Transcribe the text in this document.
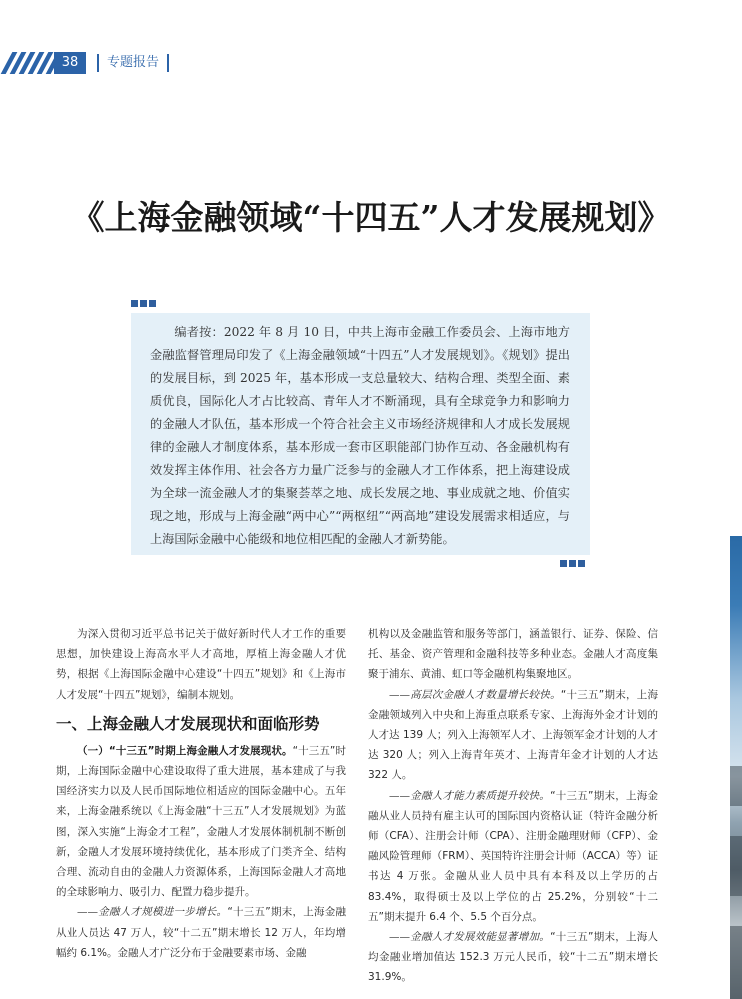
38	专题报告
《上海金融领域“十四五”人才发展规划》

编者按：2022 年 8 月 10 日，中共上海市金融工作委员会、上海市地方金融监督管理局印发了《上海金融领域“十四五”人才发展规划》。《规划》提出的发展目标，到 2025 年，基本形成一支总量较大、结构合理、类型全面、素质优良，国际化人才占比较高、青年人才不断涌现，具有全球竞争力和影响力的金融人才队伍，基本形成一个符合社会主义市场经济规律和人才成长发展规律的金融人才制度体系，基本形成一套市区职能部门协作互动、各金融机构有效发挥主体作用、社会各方力量广泛参与的金融人才工作体系，把上海建设成为全球一流金融人才的集聚荟萃之地、成长发展之地、事业成就之地、价值实现之地，形成与上海金融“两中心”“两枢纽”“两高地”建设发展需求相适应，与上海国际金融中心能级和地位相匹配的金融人才新势能。

为深入贯彻习近平总书记关于做好新时代人才工作的重要思想，加快建设上海高水平人才高地，厚植上海金融人才优势，根据《上海国际金融中心建设“十四五”规划》和《上海市人才发展“十四五”规划》，编制本规划。

一、上海金融人才发展现状和面临形势

（一）“十三五”时期上海金融人才发展现状。“十三五”时期，上海国际金融中心建设取得了重大进展，基本建成了与我国经济实力以及人民币国际地位相适应的国际金融中心。五年来，上海金融系统以《上海金融“十三五”人才发展规划》为蓝图，深入实施“上海金才工程”，金融人才发展体制机制不断创新，金融人才发展环境持续优化，基本形成了门类齐全、结构合理、流动自由的金融人力资源体系，上海国际金融人才高地的全球影响力、吸引力、配置力稳步提升。

——金融人才规模进一步增长。“十三五”期末，上海金融从业人员达 47 万人，较“十二五”期末增长 12 万人，年均增幅约 6.1%。金融人才广泛分布于金融要素市场、金融

机构以及金融监管和服务等部门，涵盖银行、证券、保险、信托、基金、资产管理和金融科技等多种业态。金融人才高度集聚于浦东、黄浦、虹口等金融机构集聚地区。

——高层次金融人才数量增长较快。“十三五”期末，上海金融领域列入中央和上海重点联系专家、上海海外金才计划的人才达 139 人；列入上海领军人才、上海领军金才计划的人才达 320 人；列入上海青年英才、上海青年金才计划的人才达 322 人。

——金融人才能力素质提升较快。“十三五”期末，上海金融从业人员持有雇主认可的国际国内资格认证（特许金融分析师（CFA）、注册会计师（CPA）、注册金融理财师（CFP）、金融风险管理师（FRM）、英国特许注册会计师（ACCA）等）证书达 4 万张。金融从业人员中具有本科及以上学历的占 83.4%，取得硕士及以上学位的占 25.2%，分别较“十二五”期末提升 6.4 个、5.5 个百分点。

——金融人才发展效能显著增加。“十三五”期末，上海人均金融业增加值达 152.3 万元人民币，较“十二五”期末增长 31.9%。
